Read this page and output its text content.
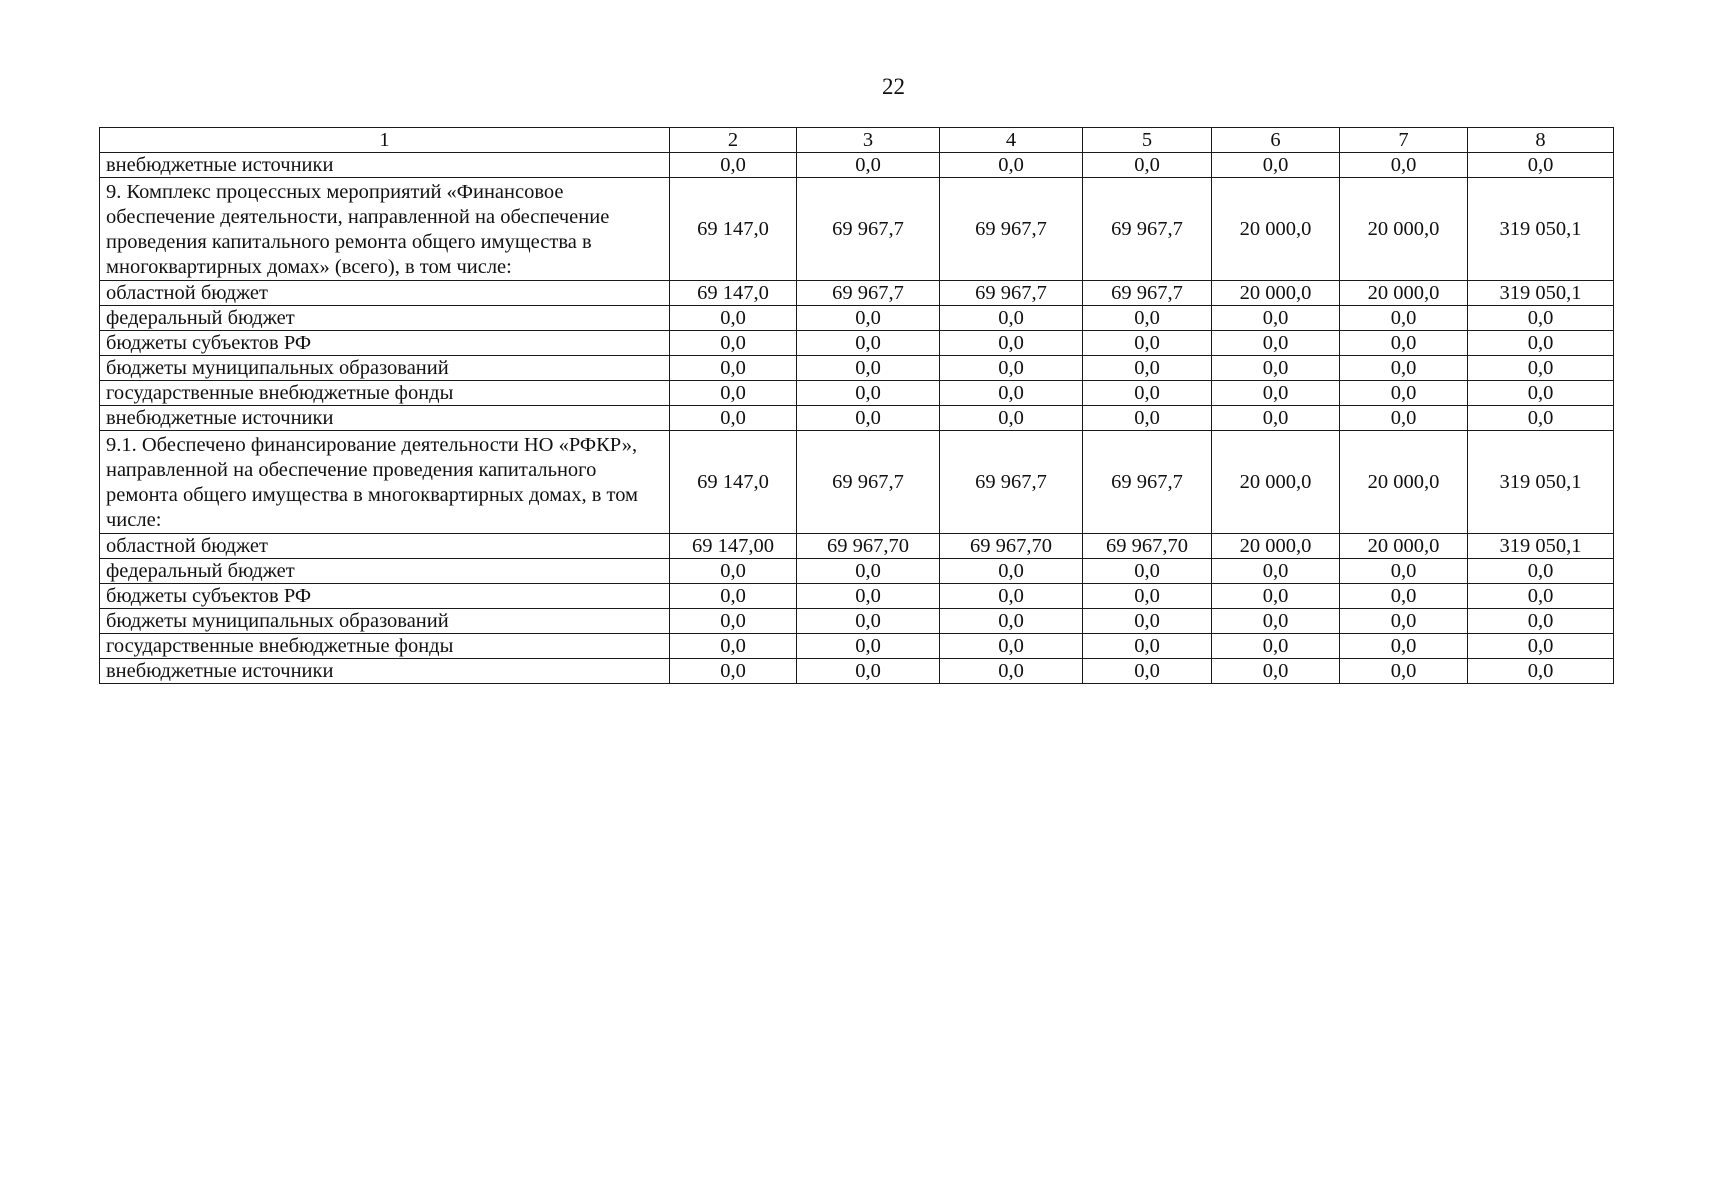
22
1	2	3	4	5	6	7	8
внебюджетные источники	0,0	0,0	0,0	0,0	0,0	0,0	0,0
9. Комплекс процессных мероприятий «Финансовое обеспечение деятельности, направленной на обеспечение проведения капитального ремонта общего имущества в многоквартирных домах» (всего), в том числе:	69 147,0	69 967,7	69 967,7	69 967,7	20 000,0	20 000,0	319 050,1
областной бюджет	69 147,0	69 967,7	69 967,7	69 967,7	20 000,0	20 000,0	319 050,1
федеральный бюджет	0,0	0,0	0,0	0,0	0,0	0,0	0,0
бюджеты субъектов РФ	0,0	0,0	0,0	0,0	0,0	0,0	0,0
бюджеты муниципальных образований	0,0	0,0	0,0	0,0	0,0	0,0	0,0
государственные внебюджетные фонды	0,0	0,0	0,0	0,0	0,0	0,0	0,0
внебюджетные источники	0,0	0,0	0,0	0,0	0,0	0,0	0,0
9.1. Обеспечено финансирование деятельности НО «РФКР», направленной на обеспечение проведения капитального ремонта общего имущества в многоквартирных домах, в том числе:	69 147,0	69 967,7	69 967,7	69 967,7	20 000,0	20 000,0	319 050,1
областной бюджет	69 147,00	69 967,70	69 967,70	69 967,70	20 000,0	20 000,0	319 050,1
федеральный бюджет	0,0	0,0	0,0	0,0	0,0	0,0	0,0
бюджеты субъектов РФ	0,0	0,0	0,0	0,0	0,0	0,0	0,0
бюджеты муниципальных образований	0,0	0,0	0,0	0,0	0,0	0,0	0,0
государственные внебюджетные фонды	0,0	0,0	0,0	0,0	0,0	0,0	0,0
внебюджетные источники	0,0	0,0	0,0	0,0	0,0	0,0	0,0
